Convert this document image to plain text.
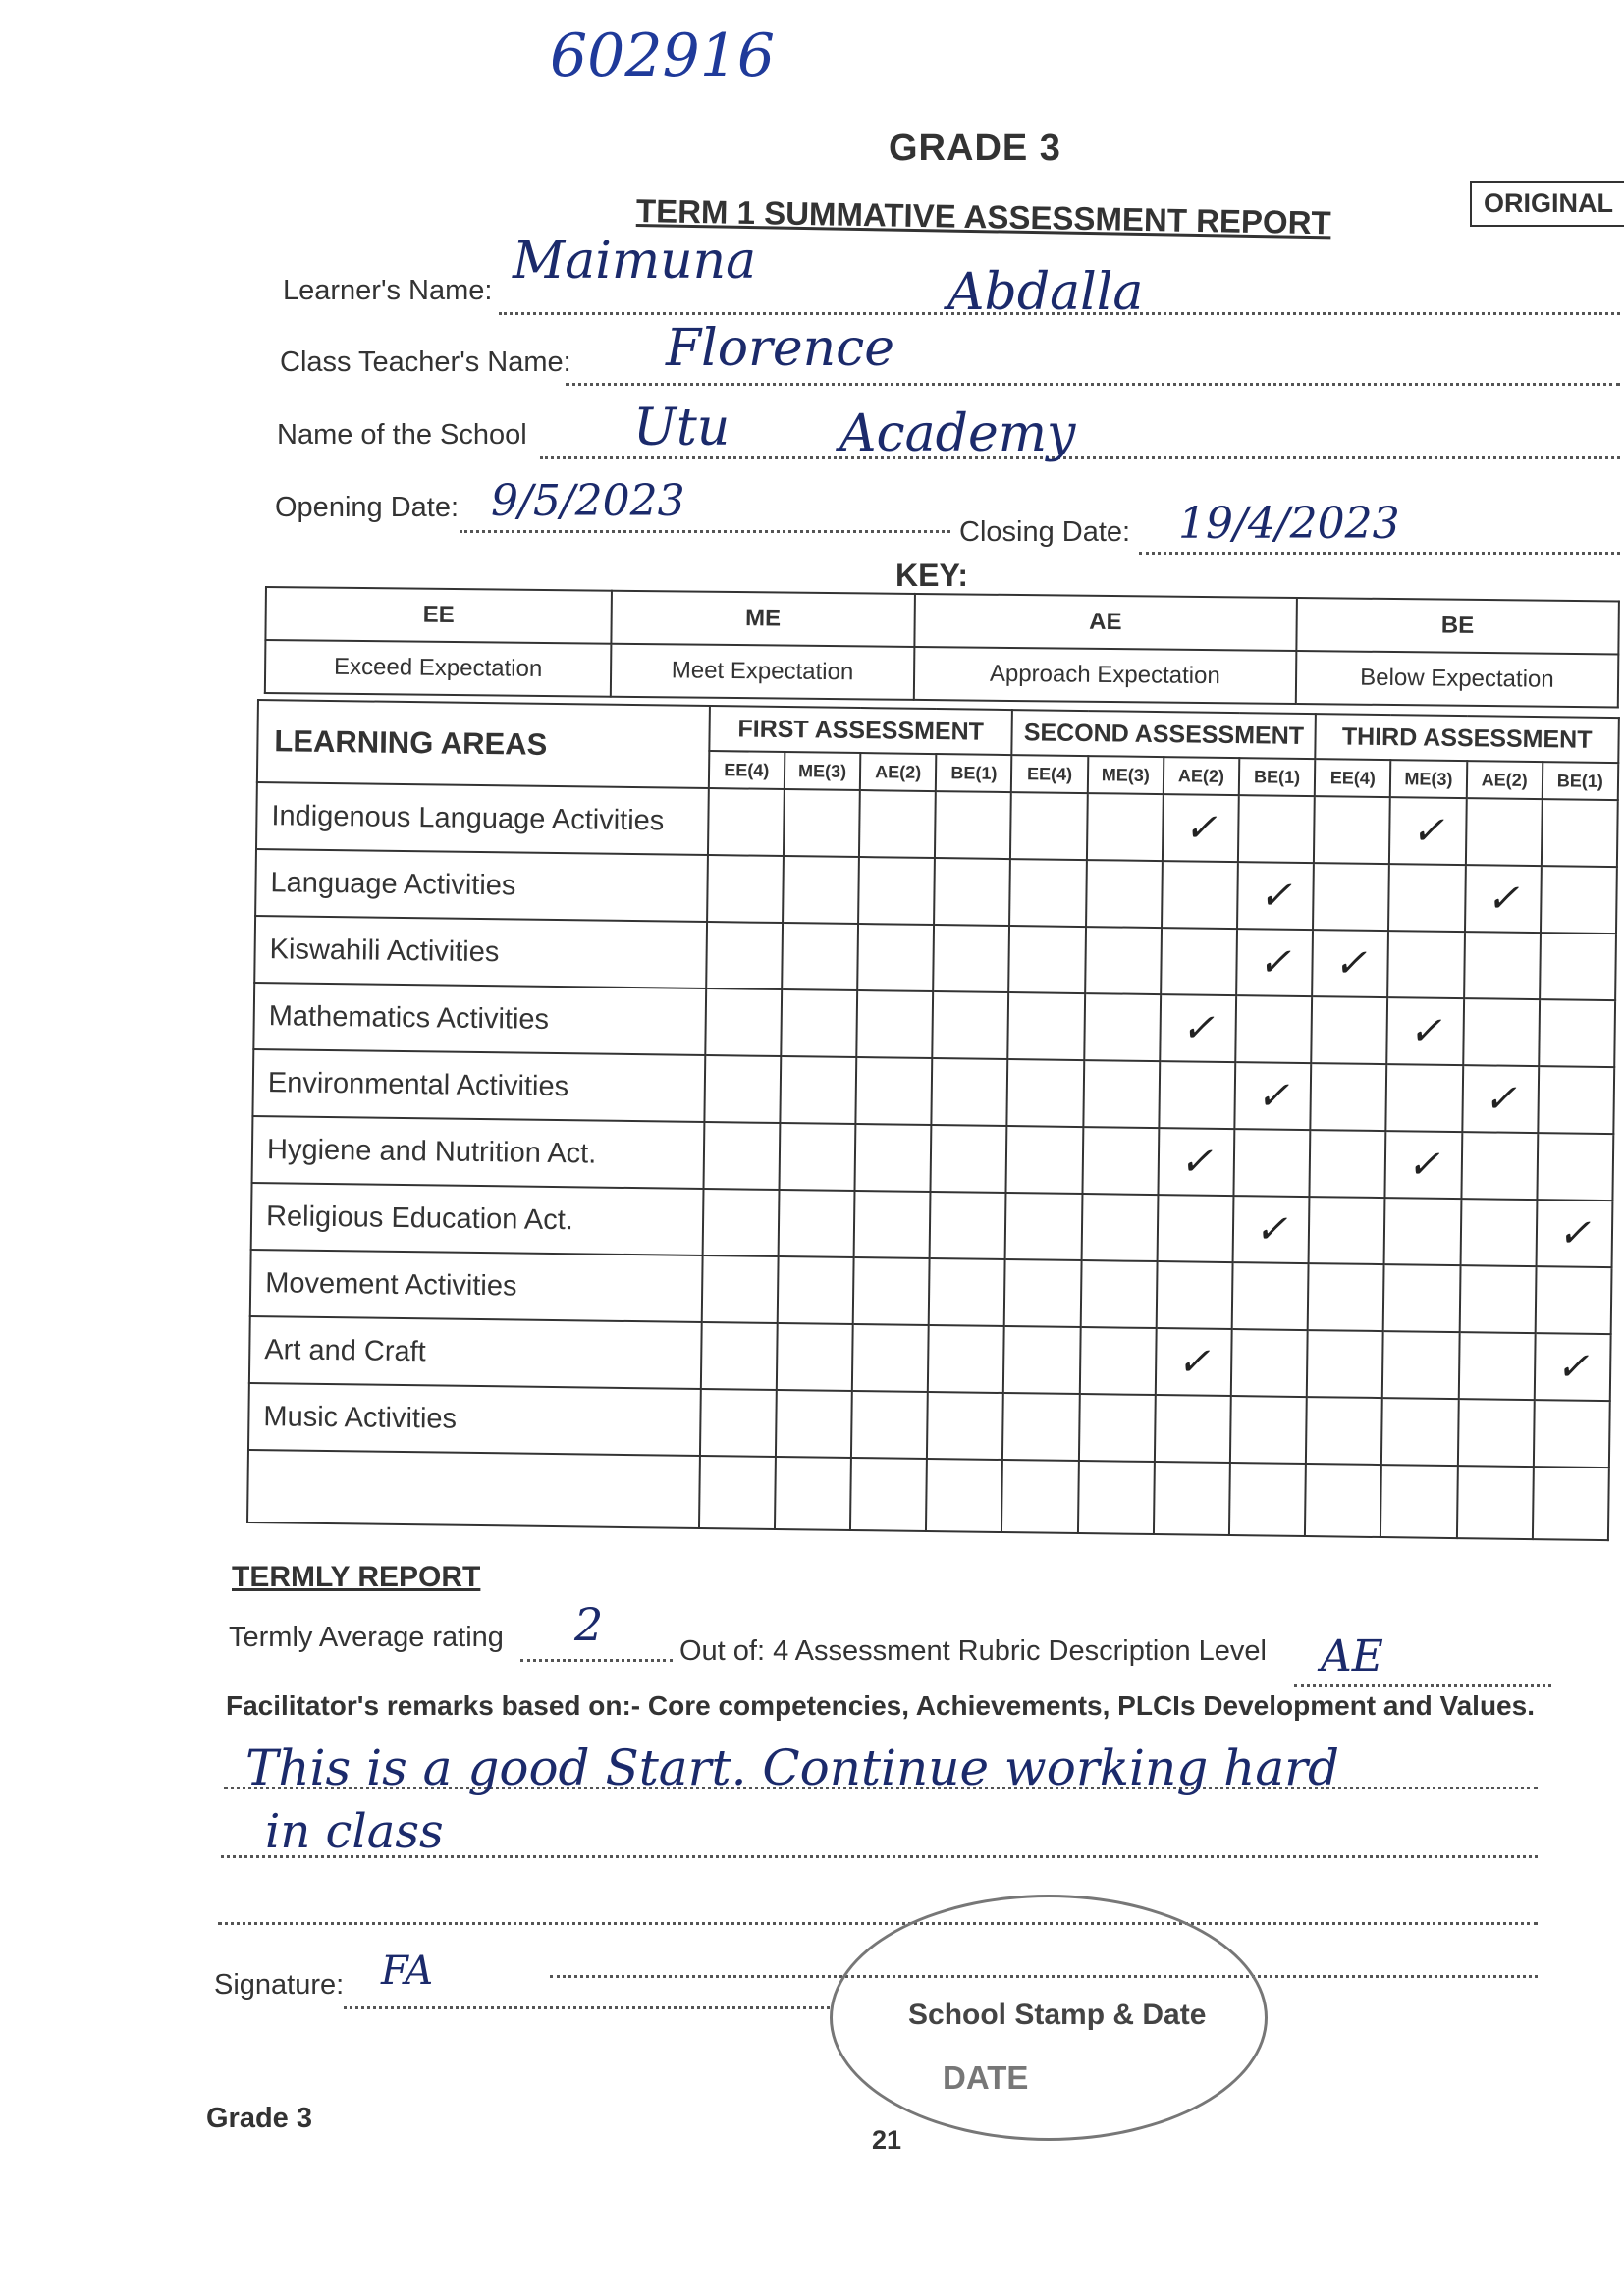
602916
GRADE 3
TERM 1 SUMMATIVE ASSESSMENT REPORT	ORIGINAL
Learner's Name: Maimuna
Abdalla
Class Teacher's Name: Florence
Name of the School Utu Academy
Opening Date: 9/5/2023
Closing Date: 19/4/2023
KEY:
EE	ME	AE	BE
Exceed Expectation	Meet Expectation	Approach Expectation	Below Expectation
LEARNING AREAS	FIRST ASSESSMENT				SECOND ASSESSMENT				THIRD ASSESSMENT			
	EE(4)	ME(3)	AE(2)	BE(1)	EE(4)	ME(3)	AE(2)	BE(1)	EE(4)	ME(3)	AE(2)	BE(1)
Indigenous Language Activities							✓			✓		
Language Activities								✓			✓	
Kiswahili Activities								✓	✓			
Mathematics Activities							✓			✓		
Environmental Activities								✓			✓	
Hygiene and Nutrition Act.							✓			✓		
Religious Education Act.								✓				✓
Movement Activities												
Art and Craft							✓					✓
Music Activities												

TERMLY REPORT
Termly Average rating 2	Out of: 4 Assessment Rubric Description Level AE
Facilitator's remarks based on:- Core competencies, Achievements, PLCIs Development and Values.
This is a good Start. Continue working hard
in class
Signature: FA
School Stamp & Date
DATE
Grade 3
21
